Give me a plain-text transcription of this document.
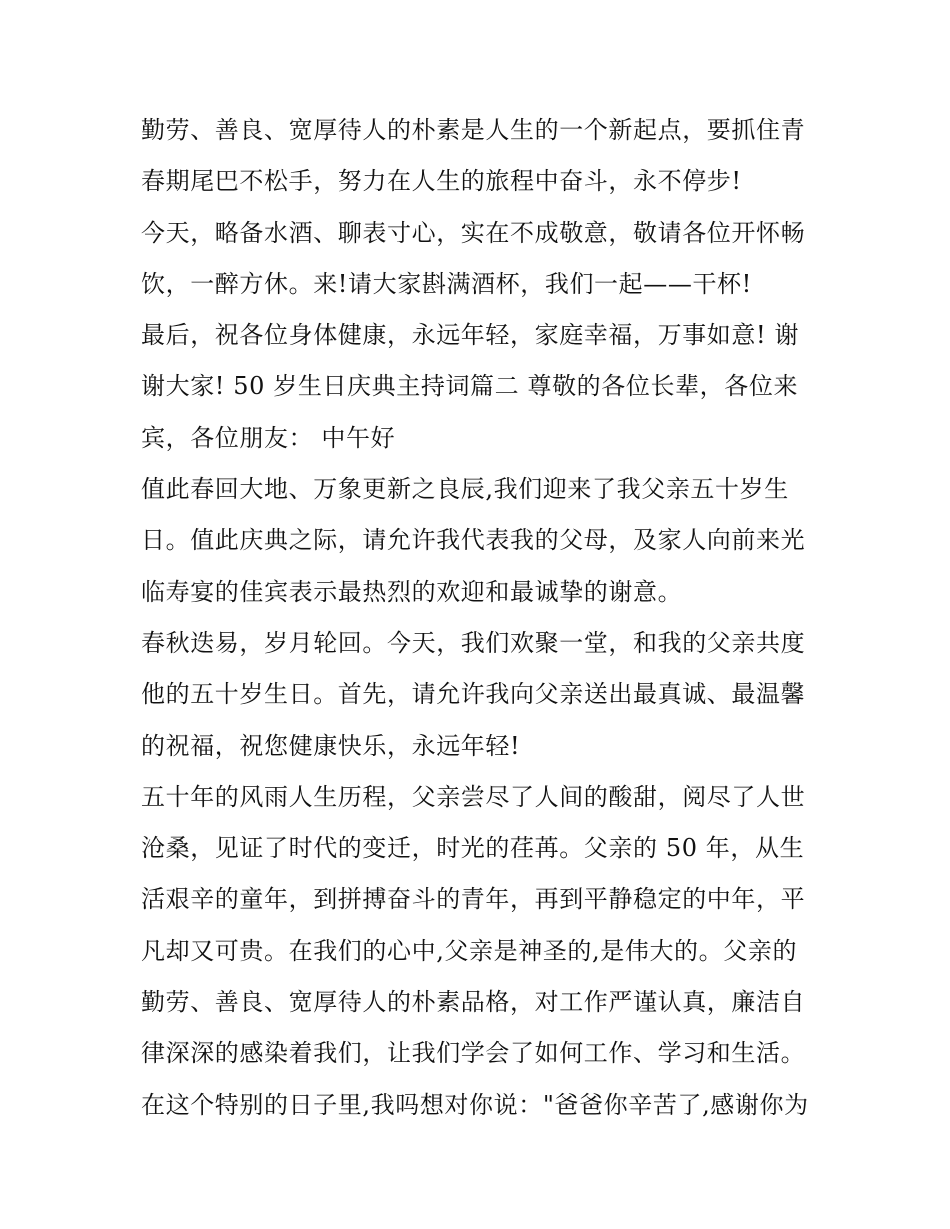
勤劳、善良、宽厚待人的朴素是人生的一个新起点，要抓住青
春期尾巴不松手，努力在人生的旅程中奋斗，永不停步!
今天，略备水酒、聊表寸心，实在不成敬意，敬请各位开怀畅
饮，一醉方休。来!请大家斟满酒杯，我们一起——干杯!
最后，祝各位身体健康，永远年轻，家庭幸福，万事如意! 谢
谢大家! 50 岁生日庆典主持词篇二 尊敬的各位长辈，各位来
宾，各位朋友： 中午好
值此春回大地、万象更新之良辰,我们迎来了我父亲五十岁生
日。值此庆典之际，请允许我代表我的父母，及家人向前来光
临寿宴的佳宾表示最热烈的欢迎和最诚挚的谢意。
春秋迭易，岁月轮回。今天，我们欢聚一堂，和我的父亲共度
他的五十岁生日。首先，请允许我向父亲送出最真诚、最温馨
的祝福，祝您健康快乐，永远年轻!
五十年的风雨人生历程，父亲尝尽了人间的酸甜，阅尽了人世
沧桑，见证了时代的变迁，时光的荏苒。父亲的 50 年，从生
活艰辛的童年，到拼搏奋斗的青年，再到平静稳定的中年，平
凡却又可贵。在我们的心中,父亲是神圣的,是伟大的。父亲的
勤劳、善良、宽厚待人的朴素品格，对工作严谨认真，廉洁自
律深深的感染着我们，让我们学会了如何工作、学习和生活。
在这个特别的日子里,我吗想对你说："爸爸你辛苦了,感谢你为
